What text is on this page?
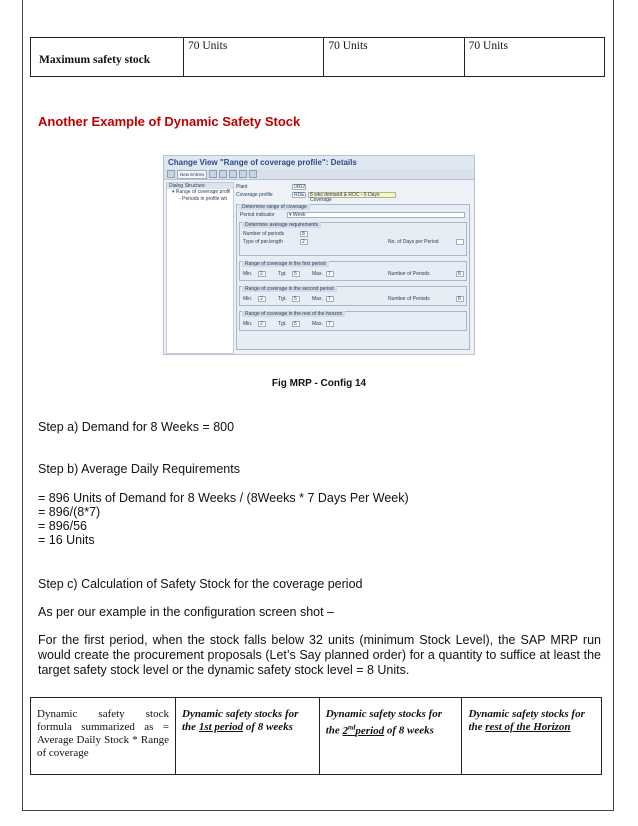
Maximum safety stock	70 Units	70 Units	70 Units
Another Example of Dynamic Safety Stock
Change View "Range of coverage profile": Details
New Entries
Dialog Structure
▾ Range of coverage profil
▫ Periods in profile wit
Plant	0002
Coverage profile	RDE	8 wks demand & ROC - 5 Days Coverage
Determine range of coverage
Period indicator	▾ Week
Determine average requirements
Number of periods	8
Type of per.length	2	No. of Days per Period
Range of coverage in the first period
Min.	2	Tgt.	5	Max.	7	Number of Periods	8
Range of coverage in the second period
Min.	2	Tgt.	5	Max.	7	Number of Periods	8
Range of coverage in the rest of the horizon
Min.	2	Tgt.	5	Max.	7
Fig MRP - Config 14
Step a) Demand for 8 Weeks = 800
Step b) Average Daily Requirements
= 896 Units of Demand for 8 Weeks / (8Weeks * 7 Days Per Week)
= 896/(8*7)
= 896/56
= 16 Units
Step c) Calculation of Safety Stock for the coverage period
As per our example in the configuration screen shot –
For the first period, when the stock falls below 32 units (minimum Stock Level), the SAP MRP run would create the procurement proposals (Let’s Say planned order) for a quantity to suffice at least the target safety stock level or the dynamic safety stock level = 8 Units.
Dynamic safety stock formula summarized as = Average Daily Stock * Range of coverage	Dynamic safety stocks for the 1st period of 8 weeks	Dynamic safety stocks for the 2ndperiod of 8 weeks	Dynamic safety stocks for the rest of the Horizon
